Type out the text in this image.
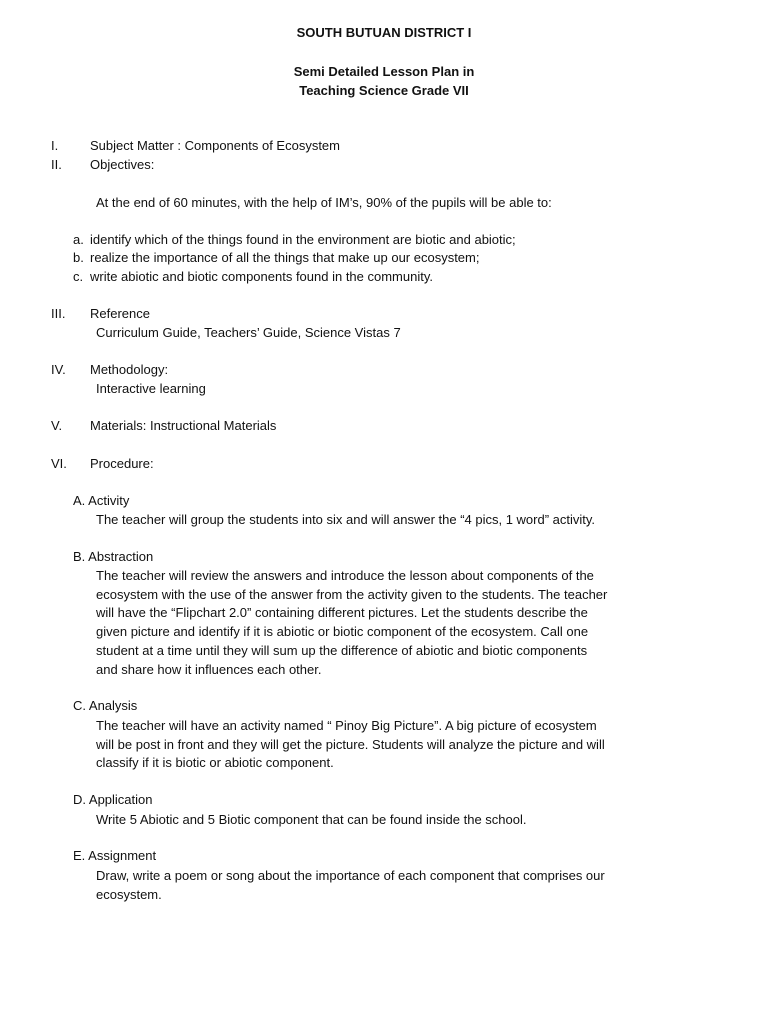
SOUTH BUTUAN DISTRICT I
Semi Detailed Lesson Plan in
Teaching Science Grade VII
I. Subject Matter : Components of Ecosystem
II. Objectives:
At the end of 60 minutes, with the help of IM’s, 90% of the pupils will be able to:
a. identify which of the things found in the environment are biotic and abiotic;
b. realize the importance of all the things that make up our ecosystem;
c. write abiotic and biotic components found in the community.
III. Reference
Curriculum Guide, Teachers’ Guide, Science Vistas 7
IV. Methodology:
Interactive learning
V. Materials: Instructional Materials
VI. Procedure:
A. Activity
The teacher will group the students into six and will answer the “4 pics, 1 word” activity.
B. Abstraction
The teacher will review the answers and introduce the lesson about components of the
ecosystem with the use of the answer from the activity given to the students. The teacher
will have the “Flipchart 2.0” containing different pictures. Let the students describe the
given picture and identify if it is abiotic or biotic component of the ecosystem. Call one
student at a time until they will sum up the difference of abiotic and biotic components
and share how it influences each other.
C. Analysis
The teacher will have an activity named “ Pinoy Big Picture”. A big picture of ecosystem
will be post in front and they will get the picture. Students will analyze the picture and will
classify if it is biotic or abiotic component.
D. Application
Write 5 Abiotic and 5 Biotic component that can be found inside the school.
E. Assignment
Draw, write a poem or song about the importance of each component that comprises our
ecosystem.
